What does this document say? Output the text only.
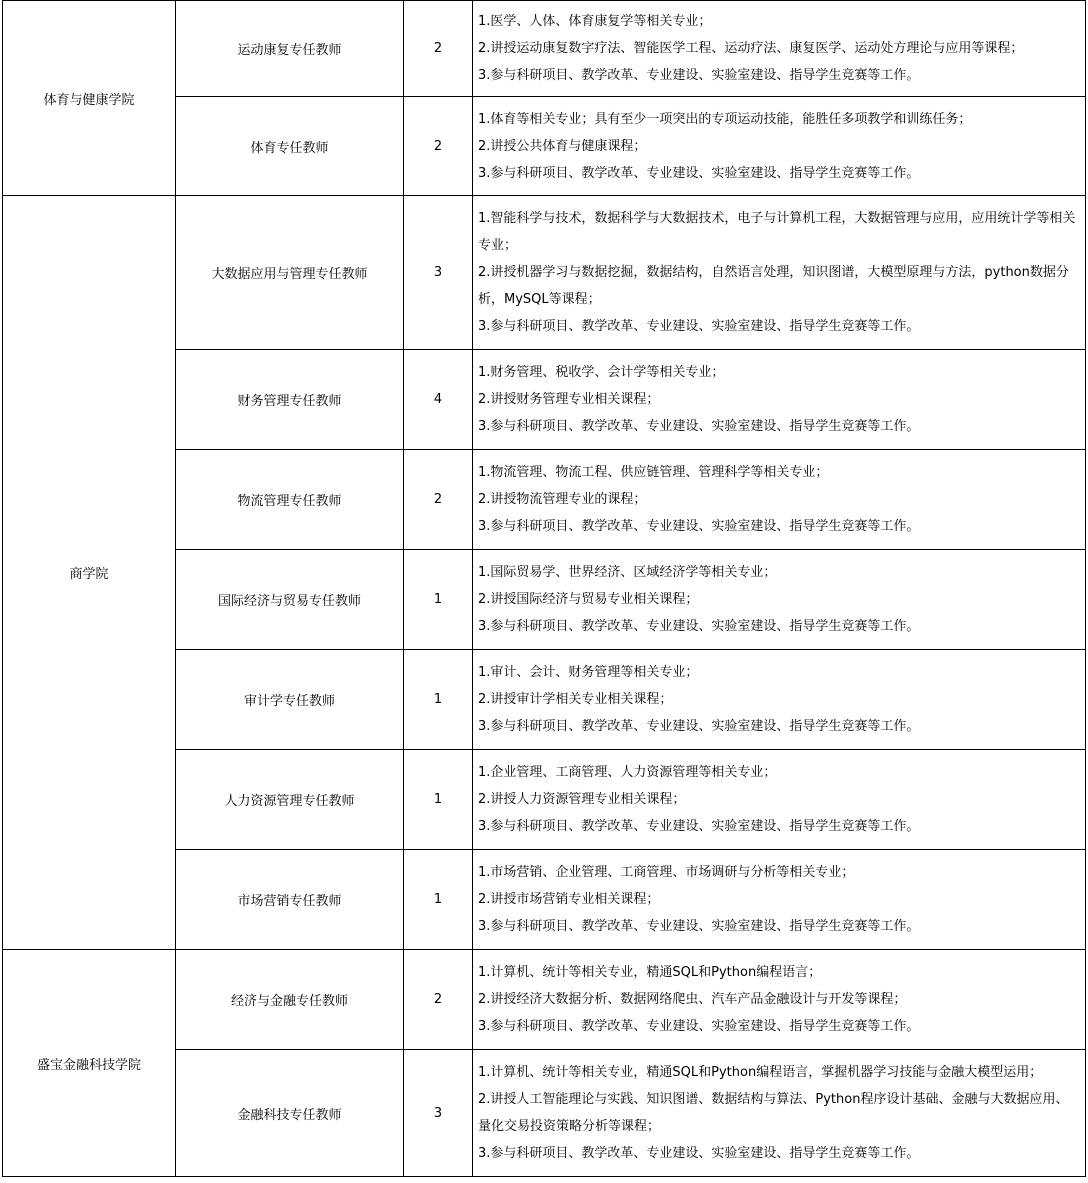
体育与健康学院	运动康复专任教师	2	1.医学、人体、体育康复学等相关专业；
2.讲授运动康复数字疗法、智能医学工程、运动疗法、康复医学、运动处方理论与应用等课程；
3.参与科研项目、教学改革、专业建设、实验室建设、指导学生竞赛等工作。

	体育专任教师	2	1.体育等相关专业；具有至少一项突出的专项运动技能，能胜任多项教学和训练任务；
2.讲授公共体育与健康课程；
3.参与科研项目、教学改革、专业建设、实验室建设、指导学生竞赛等工作。

商学院	大数据应用与管理专任教师	3	1.智能科学与技术，数据科学与大数据技术，电子与计算机工程，大数据管理与应用，应用统计学等相关专业；
2.讲授机器学习与数据挖掘，数据结构，自然语言处理，知识图谱，大模型原理与方法，python数据分析，MySQL等课程；
3.参与科研项目、教学改革、专业建设、实验室建设、指导学生竞赛等工作。

	财务管理专任教师	4	1.财务管理、税收学、会计学等相关专业；
2.讲授财务管理专业相关课程；
3.参与科研项目、教学改革、专业建设、实验室建设、指导学生竞赛等工作。

	物流管理专任教师	2	1.物流管理、物流工程、供应链管理、管理科学等相关专业；
2.讲授物流管理专业的课程；
3.参与科研项目、教学改革、专业建设、实验室建设、指导学生竞赛等工作。

	国际经济与贸易专任教师	1	1.国际贸易学、世界经济、区域经济学等相关专业；
2.讲授国际经济与贸易专业相关课程；
3.参与科研项目、教学改革、专业建设、实验室建设、指导学生竞赛等工作。

	审计学专任教师	1	1.审计、会计、财务管理等相关专业；
2.讲授审计学相关专业相关课程；
3.参与科研项目、教学改革、专业建设、实验室建设、指导学生竞赛等工作。

	人力资源管理专任教师	1	1.企业管理、工商管理、人力资源管理等相关专业；
2.讲授人力资源管理专业相关课程；
3.参与科研项目、教学改革、专业建设、实验室建设、指导学生竞赛等工作。

	市场营销专任教师	1	1.市场营销、企业管理、工商管理、市场调研与分析等相关专业；
2.讲授市场营销专业相关课程；
3.参与科研项目、教学改革、专业建设、实验室建设、指导学生竞赛等工作。

盛宝金融科技学院	经济与金融专任教师	2	1.计算机、统计等相关专业，精通SQL和Python编程语言；
2.讲授经济大数据分析、数据网络爬虫、汽车产品金融设计与开发等课程；
3.参与科研项目、教学改革、专业建设、实验室建设、指导学生竞赛等工作。

	金融科技专任教师	3	1.计算机、统计等相关专业，精通SQL和Python编程语言，掌握机器学习技能与金融大模型运用；
2.讲授人工智能理论与实践、知识图谱、数据结构与算法、Python程序设计基础、金融与大数据应用、量化交易投资策略分析等课程；
3.参与科研项目、教学改革、专业建设、实验室建设、指导学生竞赛等工作。
